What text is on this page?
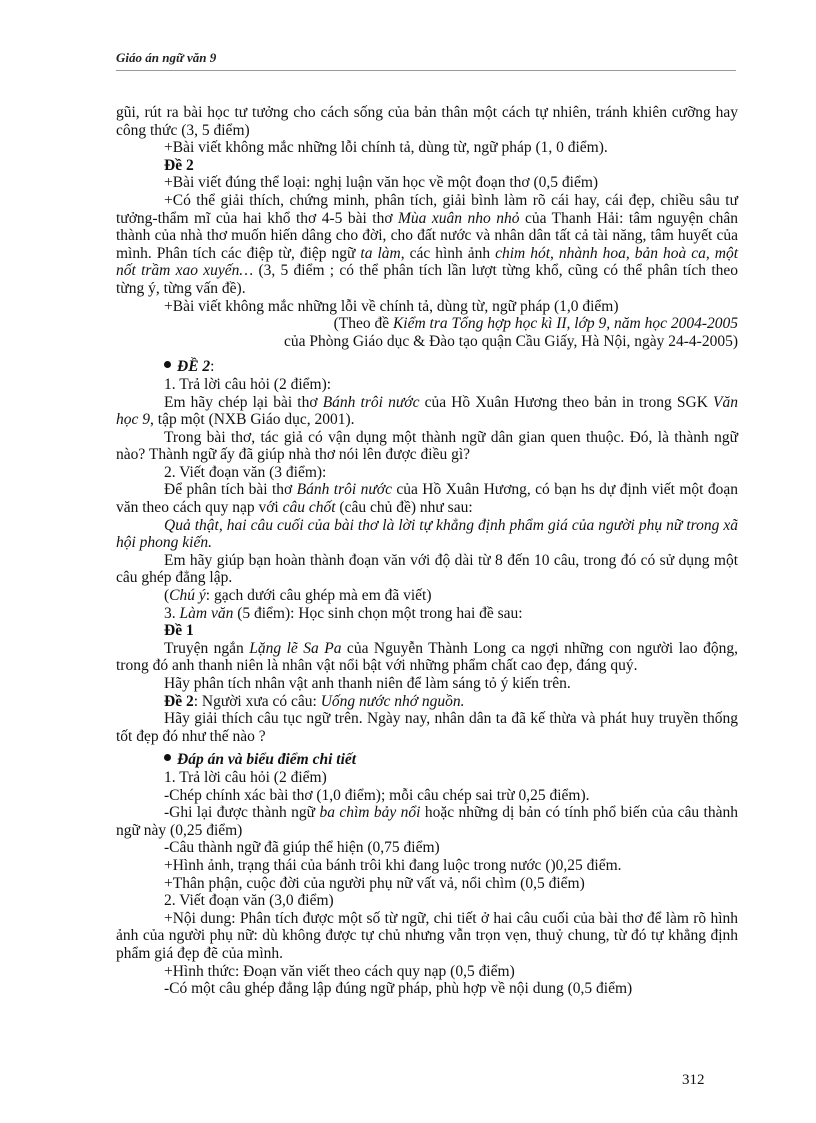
Giáo án ngữ văn 9

gũi, rút ra bài học tư tưởng cho cách sống của bản thân một cách tự nhiên, tránh khiên cưỡng hay công thức (3, 5 điểm)

+Bài viết không mắc những lỗi chính tả, dùng từ, ngữ pháp (1, 0 điểm).

Đề 2

+Bài viết đúng thể loại: nghị luận văn học về một đoạn thơ (0,5 điểm)

+Có thể giải thích, chứng minh, phân tích, giải bình làm rõ cái hay, cái đẹp, chiều sâu tư tưởng-thẩm mĩ của hai khổ thơ 4-5 bài thơ Mùa xuân nho nhỏ của Thanh Hải: tâm nguyện chân thành của nhà thơ muốn hiến dâng cho đời, cho đất nước và nhân dân tất cả tài năng, tâm huyết của mình. Phân tích các điệp từ, điệp ngữ ta làm, các hình ảnh chim hót, nhành hoa, bản hoà ca, một nốt trầm xao xuyến… (3, 5 điểm ; có thể phân tích lần lượt từng khổ, cũng có thể phân tích theo từng ý, từng vấn đề).

+Bài viết không mắc những lỗi về chính tả, dùng từ, ngữ pháp (1,0 điểm)

(Theo đề Kiểm tra Tổng hợp học kì II, lớp 9, năm học 2004-2005

của Phòng Giáo dục & Đào tạo quận Cầu Giấy, Hà Nội, ngày 24-4-2005)

ĐỀ 2:

1. Trả lời câu hỏi (2 điểm):

Em hãy chép lại bài thơ Bánh trôi nước của Hồ Xuân Hương theo bản in trong SGK Văn học 9, tập một (NXB Giáo dục, 2001).

Trong bài thơ, tác giả có vận dụng một thành ngữ dân gian quen thuộc. Đó, là thành ngữ nào? Thành ngữ ấy đã giúp nhà thơ nói lên được điều gì?

2. Viết đoạn văn (3 điểm):

Để phân tích bài thơ Bánh trôi nước của Hồ Xuân Hương, có bạn hs dự định viết một đoạn văn theo cách quy nạp với câu chốt (câu chủ đề) như sau:

Quả thật, hai câu cuối của bài thơ là lời tự khẳng định phẩm giá của người phụ nữ trong xã hội phong kiến.

Em hãy giúp bạn hoàn thành đoạn văn với độ dài từ 8 đến 10 câu, trong đó có sử dụng một câu ghép đẳng lập.

(Chú ý: gạch dưới câu ghép mà em đã viết)

3. Làm văn (5 điểm): Học sinh chọn một trong hai đề sau:

Đề 1

Truyện ngắn Lặng lẽ Sa Pa của Nguyễn Thành Long ca ngợi những con người lao động, trong đó anh thanh niên là nhân vật nổi bật với những phẩm chất cao đẹp, đáng quý.

Hãy phân tích nhân vật anh thanh niên để làm sáng tỏ ý kiến trên.

Đề 2: Người xưa có câu: Uống nước nhớ nguồn.

Hãy giải thích câu tục ngữ trên. Ngày nay, nhân dân ta đã kế thừa và phát huy truyền thống tốt đẹp đó như thế nào ?

Đáp án và biểu điểm chi tiết

1. Trả lời câu hỏi (2 điểm)

-Chép chính xác bài thơ (1,0 điểm); mỗi câu chép sai trừ 0,25 điểm).

-Ghi lại được thành ngữ ba chìm bảy nổi hoặc những dị bản có tính phổ biến của câu thành ngữ này (0,25 điểm)

-Câu thành ngữ đã giúp thể hiện (0,75 điểm)

+Hình ảnh, trạng thái của bánh trôi khi đang luộc trong nước ()0,25 điểm.

+Thân phận, cuộc đời của người phụ nữ vất vả, nổi chìm (0,5 điểm)

2. Viết đoạn văn (3,0 điểm)

+Nội dung: Phân tích được một số từ ngữ, chi tiết ở hai câu cuối của bài thơ để làm rõ hình ảnh của người phụ nữ: dù không được tự chủ nhưng vẫn trọn vẹn, thuỷ chung, từ đó tự khẳng định phẩm giá đẹp đẽ của mình.

+Hình thức: Đoạn văn viết theo cách quy nạp (0,5 điểm)

-Có một câu ghép đẳng lập đúng ngữ pháp, phù hợp về nội dung (0,5 điểm)

312
